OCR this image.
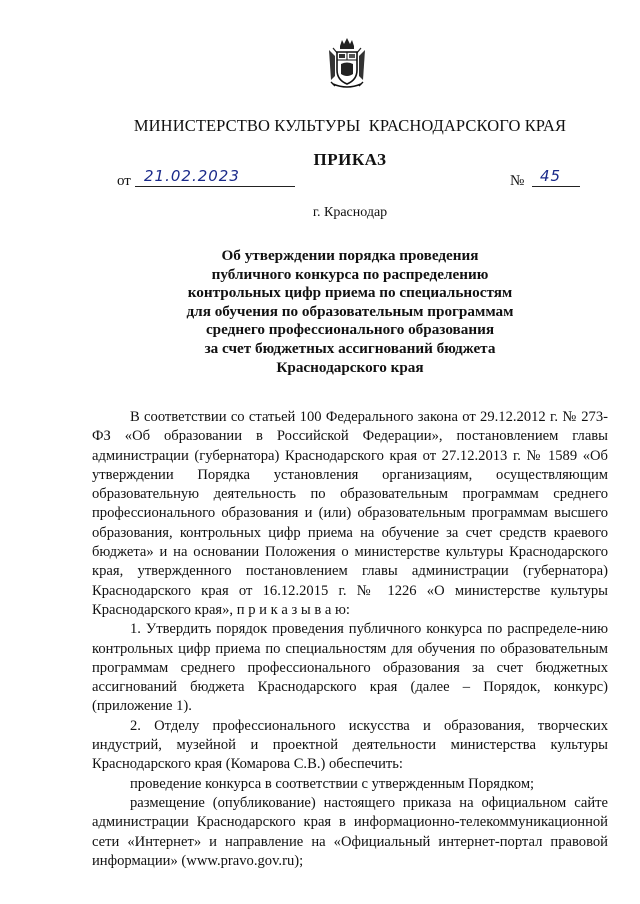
МИНИСТЕРСТВО КУЛЬТУРЫ  КРАСНОДАРСКОГО КРАЯ
ПРИКАЗ
от 21.02.2023	№ 45
г. Краснодар
Об утверждении порядка проведения
публичного конкурса по распределению
контрольных цифр приема по специальностям
для обучения по образовательным программам
среднего профессионального образования
за счет бюджетных ассигнований бюджета
Краснодарского края

В соответствии со статьей 100 Федерального закона от 29.12.2012 г. № 273-ФЗ «Об образовании в Российской Федерации», постановлением главы администрации (губернатора) Краснодарского края от 27.12.2013 г. № 1589 «Об утверждении Порядка установления организациям, осуществляющим образовательную деятельность по образовательным программам среднего профессионального образования и (или) образовательным программам высшего образования, контрольных цифр приема на обучение за счет средств краевого бюджета» и на основании Положения о министерстве культуры Краснодарского края, утвержденного постановлением главы администрации (губернатора) Краснодарского края от 16.12.2015 г. № 1226 «О министерстве культуры Краснодарского края», п р и к а з ы в а ю:

1. Утвердить порядок проведения публичного конкурса по распределе-нию контрольных цифр приема по специальностям для обучения по образовательным программам среднего профессионального образования за счет бюджетных ассигнований бюджета Краснодарского края (далее – Порядок, конкурс) (приложение 1).

2. Отделу профессионального искусства и образования, творческих индустрий, музейной и проектной деятельности министерства культуры Краснодарского края (Комарова С.В.) обеспечить:

проведение конкурса в соответствии с утвержденным Порядком;

размещение (опубликование) настоящего приказа на официальном сайте администрации Краснодарского края в информационно-телекоммуникационной сети «Интернет» и направление на «Официальный интернет-портал правовой информации» (www.pravo.gov.ru);
